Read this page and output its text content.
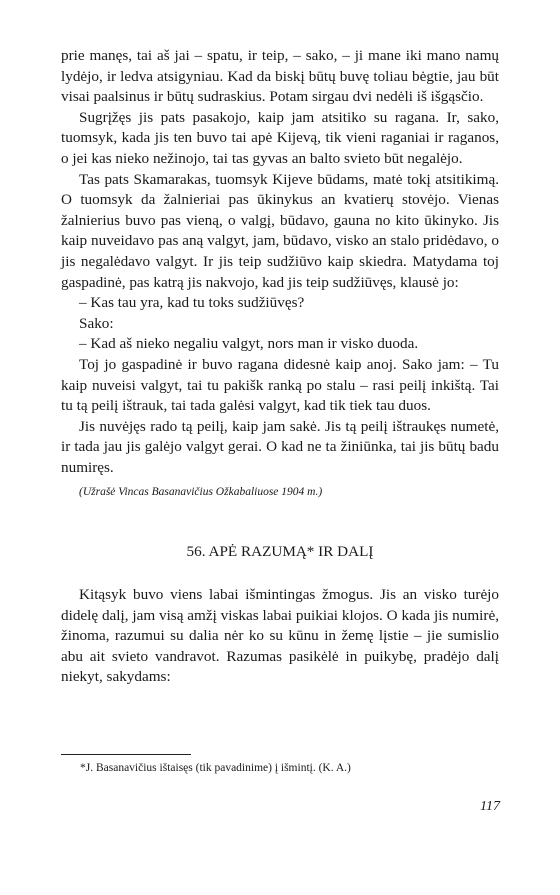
prie manęs, tai aš jai – spatu, ir teip, – sako, – ji mane iki mano namų lydėjo, ir ledva atsigyniau. Kad da biskį būtų buvę toliau bėgtie, jau būt visai paalsinus ir būtų sudraskius. Potam sirgau dvi nedėli iš išgąsčio.

Sugrįžęs jis pats pasakojo, kaip jam atsitiko su ragana. Ir, sako, tuomsyk, kada jis ten buvo tai apė Kijevą, tik vieni raganiai ir raganos, o jei kas nieko nežinojo, tai tas gyvas an balto svieto būt negalėjo.

Tas pats Skamarakas, tuomsyk Kijeve būdams, matė tokį atsitikimą. O tuomsyk da žalnieriai pas ūkinykus an kvatierų stovėjo. Vienas žalnierius buvo pas vieną, o valgį, būdavo, gauna no kito ūkinyko. Jis kaip nuveidavo pas aną valgyt, jam, būdavo, visko an stalo pridėdavo, o jis negalėdavo valgyt. Ir jis teip sudžiūvo kaip skiedra. Matydama toj gaspadinė, pas katrą jis nakvojo, kad jis teip sudžiūvęs, klausė jo:

– Kas tau yra, kad tu toks sudžiūvęs?

Sako:

– Kad aš nieko negaliu valgyt, nors man ir visko duoda.

Toj jo gaspadinė ir buvo ragana didesnė kaip anoj. Sako jam: – Tu kaip nuveisi valgyt, tai tu pakišk ranką po stalu – rasi peilį inkištą. Tai tu tą peilį ištrauk, tai tada galėsi valgyt, kad tik tiek tau duos.

Jis nuvėjęs rado tą peilį, kaip jam sakė. Jis tą peilį ištraukęs numetė, ir tada jau jis galėjo valgyt gerai. O kad ne ta žiniūnka, tai jis būtų badu numiręs.

(Užrašė Vincas Basanavičius Ožkabaliuose 1904 m.)

56. APĖ RAZUMĄ* IR DALĮ

Kitąsyk buvo viens labai išmintingas žmogus. Jis an visko turėjo didelę dalį, jam visą amžį viskas labai puikiai klojos. O kada jis numirė, žinoma, razumui su dalia nėr ko su kūnu in žemę lįstie – jie sumislio abu ait svieto vandravot. Razumas pasikėlė in puikybę, pradėjo dalį niekyt, sakydams:

*J. Basanavičius ištaisęs (tik pavadinime) į išmintį. (K. A.)
117
